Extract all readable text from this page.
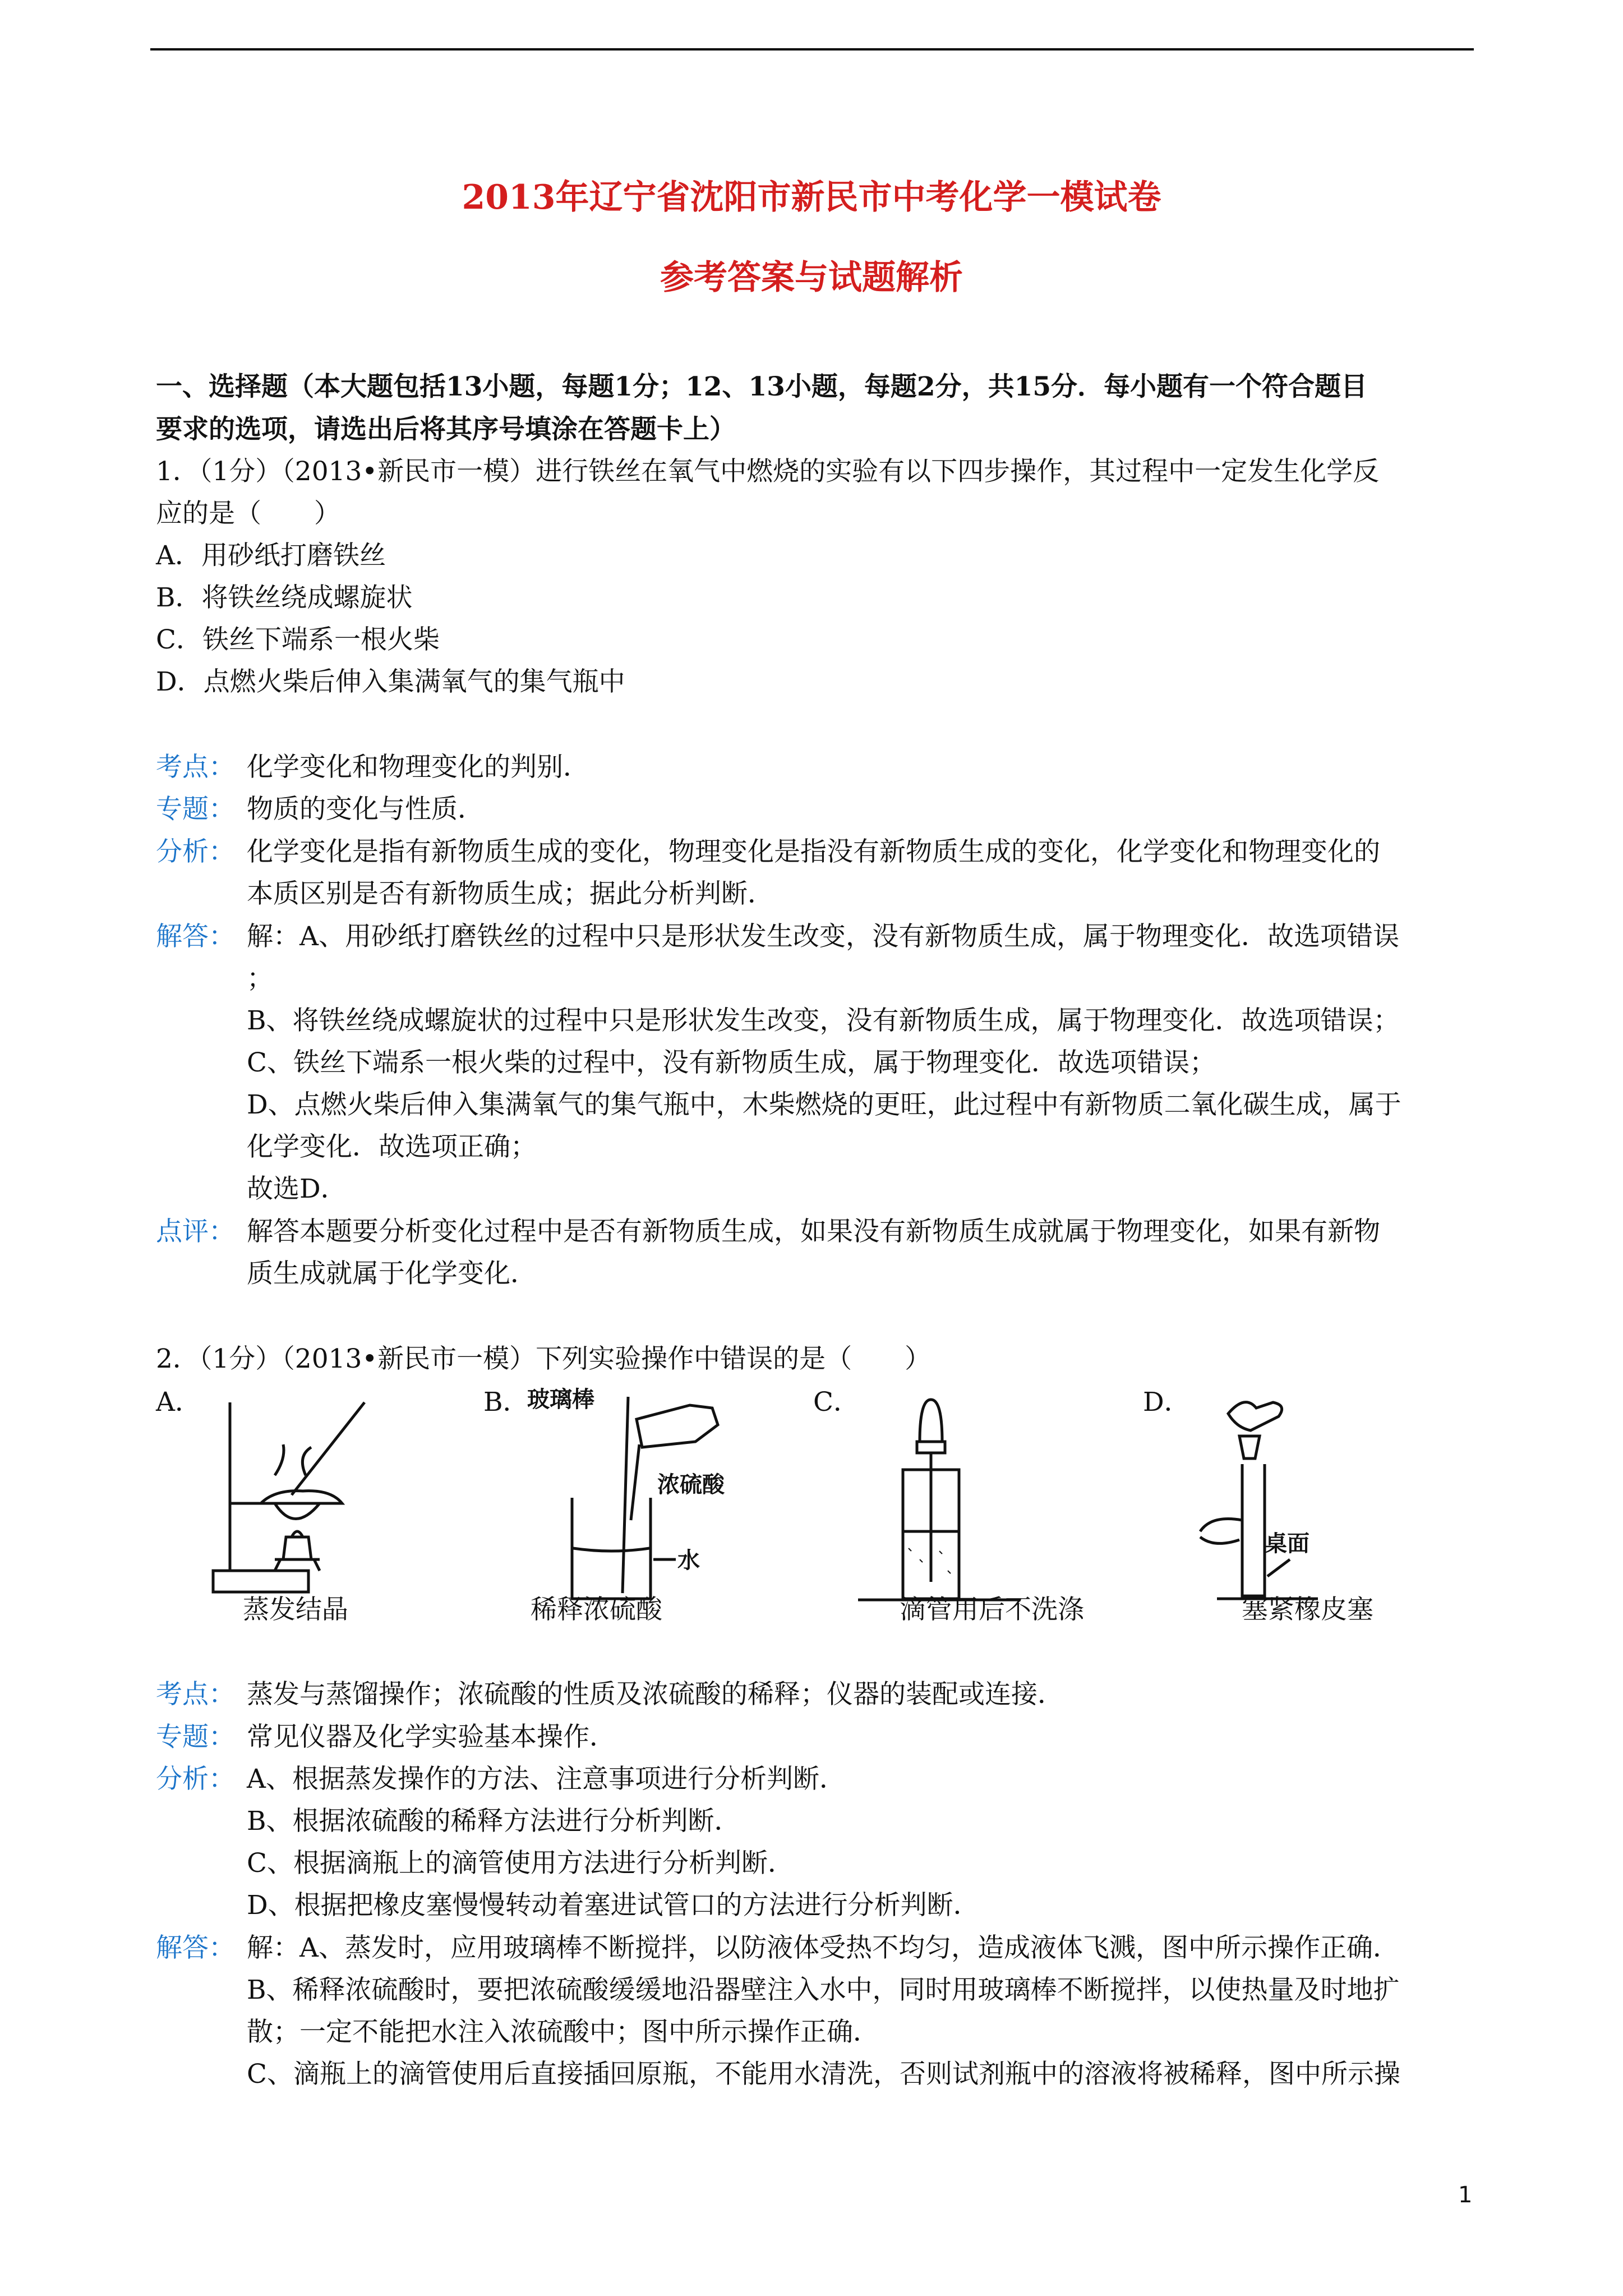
2013年辽宁省沈阳市新民市中考化学一模试卷
参考答案与试题解析
一、选择题（本大题包括13小题，每题1分；12、13小题，每题2分，共15分．每小题有一个符合题目
要求的选项，请选出后将其序号填涂在答题卡上）
1．（1分）（2013•新民市一模）进行铁丝在氧气中燃烧的实验有以下四步操作，其过程中一定发生化学反
应的是（　　）
A．用砂纸打磨铁丝
B．将铁丝绕成螺旋状
C．铁丝下端系一根火柴
D．点燃火柴后伸入集满氧气的集气瓶中
考点： 化学变化和物理变化的判别．
专题： 物质的变化与性质．
分析： 化学变化是指有新物质生成的变化，物理变化是指没有新物质生成的变化，化学变化和物理变化的
本质区别是否有新物质生成；据此分析判断．
解答： 解：A、用砂纸打磨铁丝的过程中只是形状发生改变，没有新物质生成，属于物理变化．故选项错误
；
B、将铁丝绕成螺旋状的过程中只是形状发生改变，没有新物质生成，属于物理变化．故选项错误；
C、铁丝下端系一根火柴的过程中，没有新物质生成，属于物理变化．故选项错误；
D、点燃火柴后伸入集满氧气的集气瓶中，木柴燃烧的更旺，此过程中有新物质二氧化碳生成，属于
化学变化．故选项正确；
故选D．
点评： 解答本题要分析变化过程中是否有新物质生成，如果没有新物质生成就属于物理变化，如果有新物
质生成就属于化学变化．
2．（1分）（2013•新民市一模）下列实验操作中错误的是（　　）
A．	B．	C．	D．
玻璃棒
浓硫酸
水
桌面
蒸发结晶	稀释浓硫酸	滴管用后不洗涤	塞紧橡皮塞
考点： 蒸发与蒸馏操作；浓硫酸的性质及浓硫酸的稀释；仪器的装配或连接．
专题： 常见仪器及化学实验基本操作．
分析： A、根据蒸发操作的方法、注意事项进行分析判断．
B、根据浓硫酸的稀释方法进行分析判断．
C、根据滴瓶上的滴管使用方法进行分析判断．
D、根据把橡皮塞慢慢转动着塞进试管口的方法进行分析判断．
解答： 解：A、蒸发时，应用玻璃棒不断搅拌，以防液体受热不均匀，造成液体飞溅，图中所示操作正确．
B、稀释浓硫酸时，要把浓硫酸缓缓地沿器壁注入水中，同时用玻璃棒不断搅拌，以使热量及时地扩
散；一定不能把水注入浓硫酸中；图中所示操作正确．
C、滴瓶上的滴管使用后直接插回原瓶，不能用水清洗，否则试剂瓶中的溶液将被稀释，图中所示操
1
